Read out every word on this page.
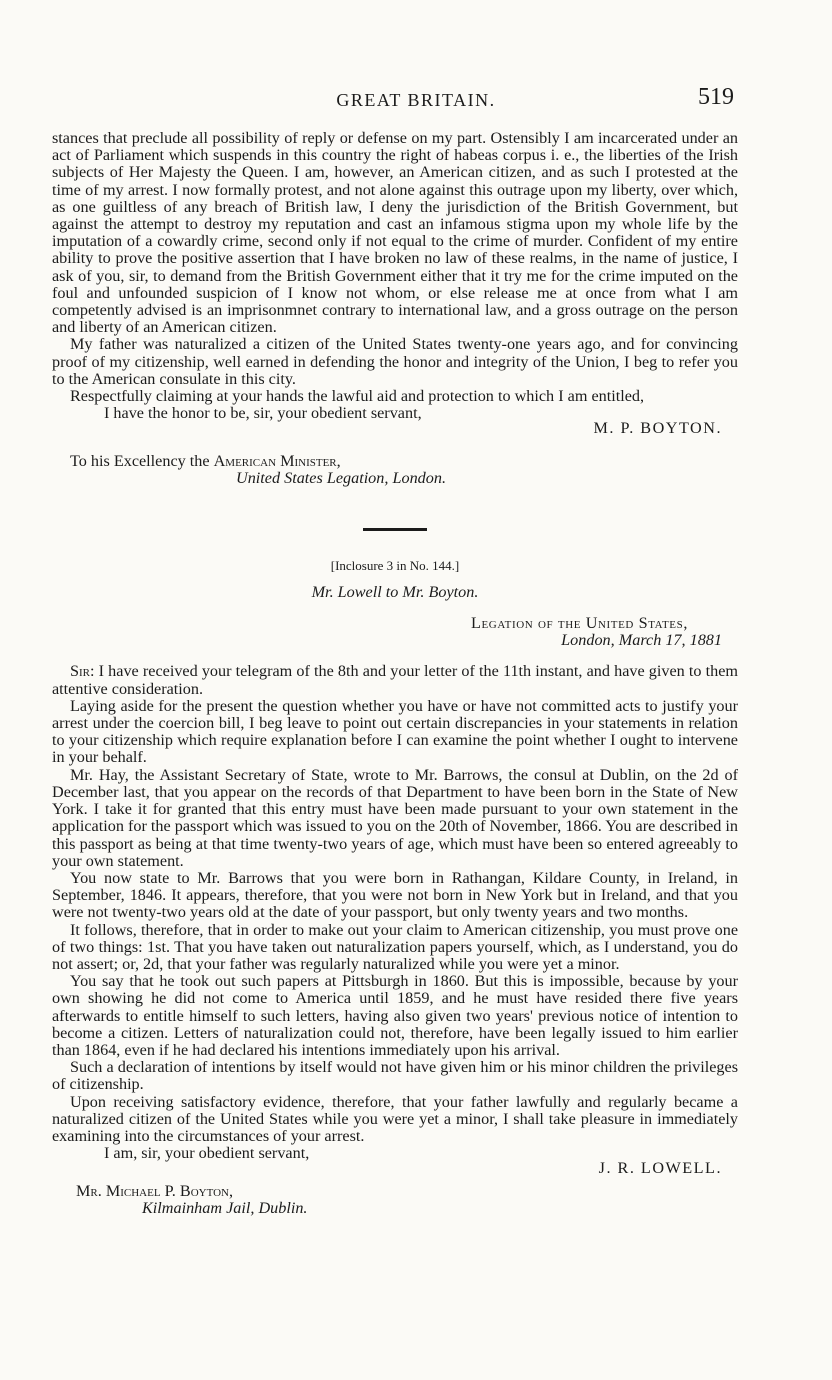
GREAT BRITAIN.	519

stances that preclude all possibility of reply or defense on my part. Ostensibly I am incarcerated under an act of Parliament which suspends in this country the right of habeas corpus i. e., the liberties of the Irish subjects of Her Majesty the Queen. I am, however, an American citizen, and as such I protested at the time of my arrest. I now formally protest, and not alone against this outrage upon my liberty, over which, as one guiltless of any breach of British law, I deny the jurisdiction of the British Government, but against the attempt to destroy my reputation and cast an infamous stigma upon my whole life by the imputation of a cowardly crime, second only if not equal to the crime of murder. Confident of my entire ability to prove the positive assertion that I have broken no law of these realms, in the name of justice, I ask of you, sir, to demand from the British Government either that it try me for the crime imputed on the foul and unfounded suspicion of I know not whom, or else release me at once from what I am competently advised is an imprisonmnet contrary to international law, and a gross outrage on the person and liberty of an American citizen.

My father was naturalized a citizen of the United States twenty-one years ago, and for convincing proof of my citizenship, well earned in defending the honor and integrity of the Union, I beg to refer you to the American consulate in this city.

Respectfully claiming at your hands the lawful aid and protection to which I am entitled,

I have the honor to be, sir, your obedient servant,
M. P. BOYTON.
To his Excellency the American Minister,
United States Legation, London.
[Inclosure 3 in No. 144.]
Mr. Lowell to Mr. Boyton.
Legation of the United States,
London, March 17, 1881

Sir: I have received your telegram of the 8th and your letter of the 11th instant, and have given to them attentive consideration.

Laying aside for the present the question whether you have or have not committed acts to justify your arrest under the coercion bill, I beg leave to point out certain discrepancies in your statements in relation to your citizenship which require explanation before I can examine the point whether I ought to intervene in your behalf.

Mr. Hay, the Assistant Secretary of State, wrote to Mr. Barrows, the consul at Dublin, on the 2d of December last, that you appear on the records of that Department to have been born in the State of New York. I take it for granted that this entry must have been made pursuant to your own statement in the application for the passport which was issued to you on the 20th of November, 1866. You are described in this passport as being at that time twenty-two years of age, which must have been so entered agreeably to your own statement.

You now state to Mr. Barrows that you were born in Rathangan, Kildare County, in Ireland, in September, 1846. It appears, therefore, that you were not born in New York but in Ireland, and that you were not twenty-two years old at the date of your passport, but only twenty years and two months.

It follows, therefore, that in order to make out your claim to American citizenship, you must prove one of two things: 1st. That you have taken out naturalization papers yourself, which, as I understand, you do not assert; or, 2d, that your father was regularly naturalized while you were yet a minor.

You say that he took out such papers at Pittsburgh in 1860. But this is impossible, because by your own showing he did not come to America until 1859, and he must have resided there five years afterwards to entitle himself to such letters, having also given two years' previous notice of intention to become a citizen. Letters of naturalization could not, therefore, have been legally issued to him earlier than 1864, even if he had declared his intentions immediately upon his arrival.

Such a declaration of intentions by itself would not have given him or his minor children the privileges of citizenship.

Upon receiving satisfactory evidence, therefore, that your father lawfully and regularly became a naturalized citizen of the United States while you were yet a minor, I shall take pleasure in immediately examining into the circumstances of your arrest.

I am, sir, your obedient servant,
J. R. LOWELL.
Mr. Michael P. Boyton,
Kilmainham Jail, Dublin.
